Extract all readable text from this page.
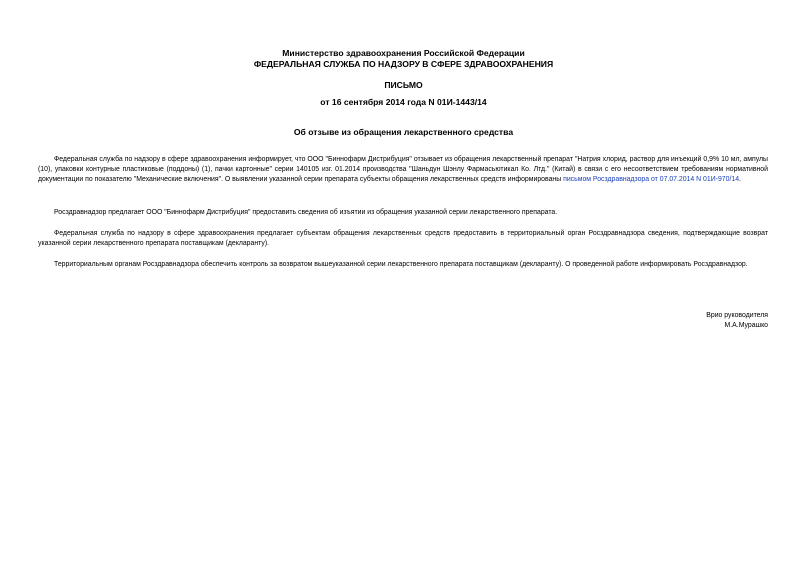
Министерство здравоохранения Российской Федерации
ФЕДЕРАЛЬНАЯ СЛУЖБА ПО НАДЗОРУ В СФЕРЕ ЗДРАВООХРАНЕНИЯ
ПИСЬМО
от 16 сентября 2014 года N 01И-1443/14
Об отзыве из обращения лекарственного средства

Федеральная служба по надзору в сфере здравоохранения информирует, что ООО "Биннофарм Дистрибуция" отзывает из обращения лекарственный препарат "Натрия хлорид, раствор для инъекций 0,9% 10 мл, ампулы (10), упаковки контурные пластиковые (поддоны) (1), пачки картонные" серии 140105 изг. 01.2014 производства "Шаньдун Шэнлу Фармасьютикал Ко. Лтд." (Китай) в связи с его несоответствием требованиям нормативной документации по показателю "Механические включения". О выявлении указанной серии препарата субъекты обращения лекарственных средств информированы письмом Росздравнадзора от 07.07.2014 N 01И-970/14.

Росздравнадзор предлагает ООО "Биннофарм Дистрибуция" предоставить сведения об изъятии из обращения указанной серии лекарственного препарата.

Федеральная служба по надзору в сфере здравоохранения предлагает субъектам обращения лекарственных средств предоставить в территориальный орган Росздравнадзора сведения, подтверждающие возврат указанной серии лекарственного препарата поставщикам (декларанту).

Территориальным органам Росздравнадзора обеспечить контроль за возвратом вышеуказанной серии лекарственного препарата поставщикам (декларанту). О проведенной работе информировать Росздравнадзор.

Врио руководителя
М.А.Мурашко
